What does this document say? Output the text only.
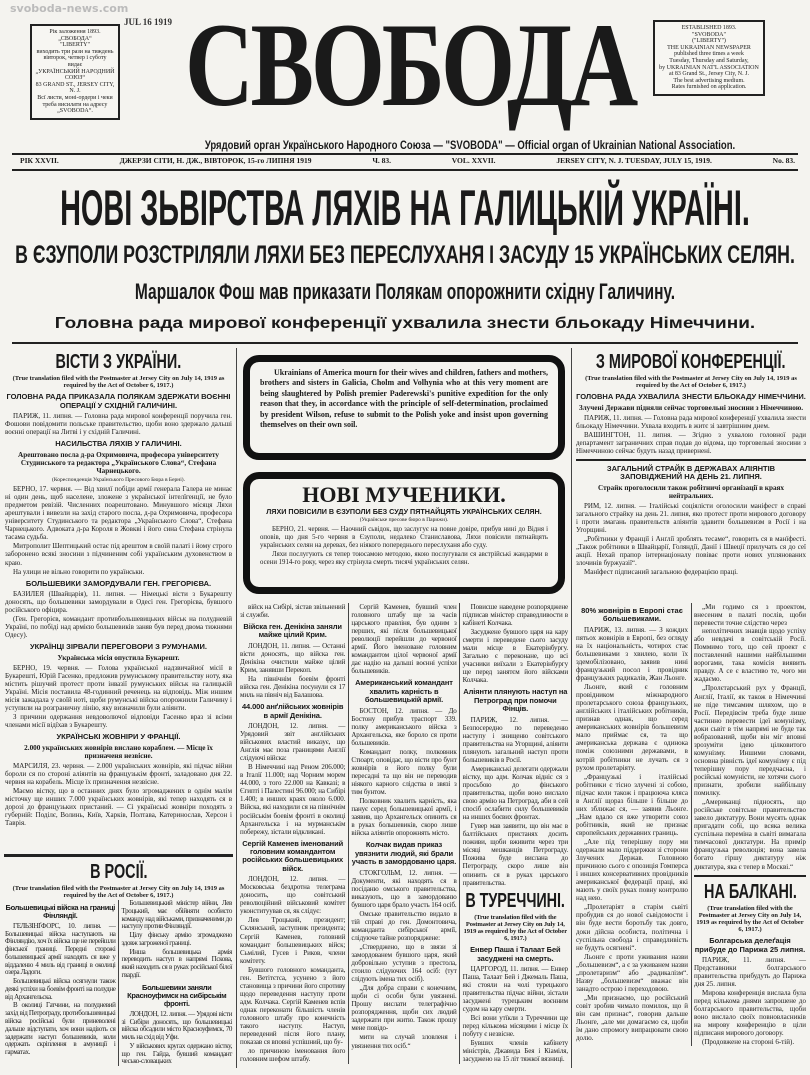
svoboda-news.com
JUL 16 1919
Рік заложення 1893.
„СВОБОДА“
"LIBERTY"
виходить три рази на тиждень
вівторок, четвер і суботу
видає
„УКРАЇНСЬКИЙ НАРОДНИЙ СОЮЗ“
83 GRAND ST., JERSEY CITY, N. J.
Всї листи, моні-ордери і чеки треба висилати на адресу „SVOBODA“.
ESTABLISHED 1893.
"SVOBODA"
("LIBERTY")
THE UKRAINIAN NEWSPAPER
published three times a week
Tuesday, Thursday and Saturday,
by UKRAINIAN NAT'L ASSOCIATION
at 83 Grand St., Jersey City, N. J.
The best advertising medium.
Rates furnished on application.
СВОБОДА
Урядовий орган Українського Народного Союза — "SVOBODA" — Official organ of Ukrainian National Association.
РІК XXVII.	ДЖЕРЗИ СІТИ, Н. ДЖ., ВІВТОРОК, 15-го ЛИПНЯ 1919	Ч. 83.	VOL. XXVII.	JERSEY CITY, N. J. TUESDAY, JULY 15, 1919.	No. 83.
НОВІ ЗЬВІРСТВА ЛЯХІВ НА ГАЛИЦЬКІЙ УКРАЇНІ.
В ЄЗУПОЛИ РОЗСТРІЛЯЛИ ЛЯХИ БЕЗ ПЕРЕСЛУХАНЯ І ЗАСУДУ 15 УКРАЇНСЬКИХ СЕЛЯН.
Маршалок Фош мав приказати Полякам опорожнити східну Галичину.
Головна рада мирової конференції ухвалила знести бльокаду Німеччини.

Ukrainians of America mourn for their wives and children, fathers and mothers, brothers and sisters in Galicia, Cholm and Volhynia who at this very moment are being slaughtered by Polish premier Paderewski's punitive expedition for the only reason that they, in accordance with the principle of self-determination, proclaimed by president Wilson, refuse to submit to the Polish yoke and insist upon governing themselves on their own soil.

НОВІ МУЧЕНИКИ.
ЛЯХИ ПОВІСИЛИ В ЄЗУПОЛИ БЕЗ СУДУ ПЯТНАЙЦЯТЬ УКРАЇНСЬКИХ СЕЛЯН.
(Українське пресове бюро в Парижи).

БЕРНО, 21. червня. — Наочний сьвідок, що заслугує на повне довіре, прибув нині до Відня і оповів, що дня 5-го червня в Єзуполи, недалеко Станиславова, Ляхи повісили пятнайцять українських селян на деревах, без ніякого попереднього переслуханя або суду.

Ляхи послугують ся тепер тоюсамою методою, якою послугували ся австрійські жандарми в осени 1914-го року, через яку стрінула смерть тисячі українських селян.

ВІСТИ З УКРАЇНИ.
(True translation filed with the Postmaster at Jersey City on July 14, 1919 as required by the Act of October 6, 1917.)
ГОЛОВНА РАДА ПРИКАЗАЛА ПОЛЯКАМ ЗДЕРЖАТИ ВОЄННІ ОПЕРАЦІЇ У СХІДНІЙ ГАЛИЧИНІ.

ПАРИЖ, 11. липня. — Головна рада мирової конференції поручила ген. Фошови повідомити польське правительство, щоби воно здержало дальші воєнні операції на Литві і у східній Галичині.

НАСИЛЬСТВА ЛЯХІВ У ГАЛИЧИНІ.
Арештовано посла д-ра Охримовича, професора університету Студинського та редактора „Українського Слова“, Стефана Чарнецького.
(Кореспонденція Українського Пресового Бюра в Берні).

БЕРНО, 17. червня. — Від хвилї побіди армії генерала Галера не минає ні один день, щоб населене, зложене з української інтелїгенції, не було предметом ревізій. Численних поарештовано. Минувшого місяця Ляхи арештували і вивезли на захід старого посла, д-ра Охримовича, професора університету Студинського та редактора „Українського Слова“, Стефана Чарнецького. Адвоката д-ра Короля в Жовкві і його сина Стефана стрінула тасама судьба.

Митрополит Шептицький остає під арештом в своїй палаті і йому строго заборонено всякі зносини з підчиненим собі українським духовенством в краю.

На улици не вільно говорити по українськи.

БОЛЬШЕВИКИ ЗАМОРДУВАЛИ ГЕН. ГРЕГОРІЄВА.

БАЗИЛЕЯ (Швайцарія), 11. липня. — Німецькі вісти з Букарешту доносять, що большевики замордували в Одесі ген. Грегорієва, бувшого російського офіцира.

(Ген. Грегорієв, командант противбольшевицьких військ на полудневій Україні, по побіді над армією большевиків заняв був перед двома тижнями Одесу).

УКРАЇНЦІ ЗІРВАЛИ ПЕРЕГОВОРИ З РУМУНАМИ.
Українська місія опустила Букарешт.

БЕРНО, 19. червня. — Голова української надзвичайної місії в Букарешті, Юрій Гасенко, предложив румунському правительству ноту, яка містить рішучий протест проти інвазії румунських військ на галицькій Україні. Місія поставила 48-годинний реченець на відповідь. Між иншим місія зажадала у своїй ноті, щоби румунські війска опорожнили Галичину і уступили на розграничну лінію, яку визначили були аліянти.

З причини одержання невдоволючої відповіди Гасенко враз зі всіми членами місії відїхав з Букарешту.

УКРАЇНСЬКІ ЖОВНІРИ У ФРАНЦІЇ.
2.000 українських жовнірів вислано кораблем. — Місце їх призначеня незвісне.

МАРСИЛЯ, 23. червня. — 2.000 українських жовнірів, які підчас війни бороли ся по стороні аліянтів на французькім фронті, заладовано дня 22. червня на корабель. Місце їх призначення незвісне.

Маємо вістку, що в останних днях було згромаджених в однім малім місточку ще инших 7.000 українських жовнірів, які тепер находять ся в дорозі до французьких пристаний. — Сі українські жовніри походять з губерній: Поділє, Волинь, Київ, Харків, Полтава, Катеринослав, Херсон і Таврія.

З МИРОВОЇ КОНФЕРЕНЦІЇ.
(True translation filed with the Postmaster at Jersey City on July 14, 1919 as required by the Act of October 6, 1917.)
ГОЛОВНА РАДА УХВАЛИЛА ЗНЕСТИ БЛЬОКАДУ НІМЕЧЧИНИ.
Злучені Держави підняли сейчас торговельні зносини з Німеччиною.

ПАРИЖ, 11. липня. — Головна рада мирової конференції ухвалила знести бльокаду Німеччини. Ухвала входить в житє зі завтрішним днем.

ВАШИНГТОН, 11. липня. — Згідно з ухвалою головної ради департамент заграничних справ подав до відома, що торговельні зносини з Німеччиною сейчас будуть назад привернені.

ЗАГАЛЬНИЙ СТРАЙК В ДЕРЖАВАХ АЛІЯНТІВ ЗАПОВІДЖЕНИЙ НА ДЕНЬ 21. ЛИПНЯ.
Страйк проголосили також робітничі організації в краях нейтральних.

РИМ, 12. липня. — Італійські соціялісти оголосили маніфест в справі загального страйку на день 21. липня, яко протест проти мирового договору і проти змагань правительств аліянтів здавити большевизм в Росії і на Угорщині.

„Робітники у Франції і Анґлії зроблять тесаме“, говорить ся в манїфесті. „Також робітники в Швайцарії, Голяндії, Данії і Швеції прилучать ся до сеї акції. Нехай прапор інтернаціоналу повіває проти нових упляновaних злочинів буржуазії“.

Манїфест підписаний загальною федерацією праці.

війск на Сибірі, зістав звільнений зі служби.

Війска ген. Денікіна заняли майже цілий Крим.

ЛОНДОН, 11. липня. — Останні вісти доносять, що війска ген. Денікіна очистили майже цілий Крим, занявши Перекоп.

На північнім боевім фронті війска ген. Денікіна посунули ся 17 миль на північ від Балашова.

44.000 анґлійських жовнірів в армії Денікіна.

ЛОНДОН, 12. липня. — Урядовий звіт анґлійських військових властий виказує, що Анґлія має поза границями Анґлії слідуючі війска:

В Німеччині над Реном 206.000; в Італії 11.000; над Чорним морем 44.000, з того 22.000 на Кавказі; в Єгипті і Палестині 96.000; на Сибірі 1.400; в инших краях около 6.000. Війска, які находили ся на північнім російськім боевім фронті в околиці Архангельска і на мурманськім побережу, зістали відкликані.

Сергій Каменев іменований головним командантом російських большевицьких війск.

ЛОНДОН, 12. липня. — Московська бездротна телеграма доносить, що совітський революційний військовий комітет уконституував ся, як слідує:

Лев Троцький, президент; Склянський, заступник президента; Сергій Каменев, головний командант большевицьких війск; Сьмілий, Гусев і Риков, члени комітету.

Бувшого головного команданта, ген. Ветітєтса, усунено з його становища з причини його спротиву щодо переведення наступу проти адм. Колчака. Сергій Каменев вспів однак переконати більшість членів головного штабу про конечність такого наступу. Наступ, переведений після його плану, показав ся вповні успішний, що бу-

ло причиною іменовання його головним шефом штабу.

Сергій Каменев, бувший член головного штабу ще за часів царського правліня, був одним з перших, які після большевицької революції перейшли до червоної армії. Його іменоване головним командантом цілої червоної армії дає надію на дальші воєнні успіхи большевиків.

Американський командант хвалить карність в большевицькій армії.

БОСТОН, 12. липня. — До Бостону прибув траспорт 339. полку американського війска з Архангельска, яке бороло ся проти большевиків.

Командант полку, полковник Стюарт, оповідає, що вісти про бунт жовнірів в його полку були пересадні та що він не переводив ніякого карного слідства в звязі з тим бунтом.

Полковник хвалить карність, яка панує серед большевицької армії, і заявив, що Архангельск опинить ся в руках большевиків, скоро лише війска аліянтів опорожнять місто.

Колчак видав приказ увязнити людий, які брали участь в замордованю царя.

СТОКГОЛЬМ, 12. липня. — Документи, які находять ся в посіданю омського правительства, виказують, що в замордованю бувшого царя брало участь 164 осіб.

Омське правительство видало в тій справі до ген. Домонтовича, команданта сибірської армії, слідуюче тайне розпоряджене:

„Стверджено, що в звязи зі замордованем бувшого царя, який добровільно уступив з престола, стоило слідуючих 164 осіб: (тут слідують імена тих осіб).

„Для добра справи є конечним, щоби сі особи були увязнені. Прошу вислати телеграфічно розпорядження, щоби сих людий задержати при житю. Також прошу мене повідо-

мити на случай зловленя і увязнення тих осіб.“

Повисше наведене розпоряджене підписав міністер справедливости в кабінеті Колчака.

Засуджене бувшого царя на кару смерти і переведене сього засуду мали місце в Екатерінбургу. Загально є переконане, що всі учасники виїхали з Екатерінбургу ще перед занятєм його війсками Колчака.

Аліянти плянують наступ на Петроград при помочи Фінців.

ПАРИЖ, 12. липня. — Безпосередно по переведеню наступу і знищеню совітського правительства на Угорщині, аліянти плянують загальний наступ проти большевиків в Росії.

Американські делегати одержали вістку, що адм. Колчак відніс ся з просьбою до фінського правительства, щоби воно вислало свою армію на Петроград, аби в сей спосіб ослабити силу большевиків на инших боєвих фронтах.

Гувер мав заявити, що він має в балтійських пристанях досить поживи, щоби вживити через три місяці мешканців Петрограду. Пожива буде вислана до Петрограду, скоро лише він опинить ся в руках царського правительства.

В ТУРЕЧЧИНІ.
(True translation filed with the Postmaster at Jersey City on July 14, 1919 as required by the Act of October 6, 1917.)
Енвер Паша і Талаат Бей засуджені на смерть.

ЦАРГОРОД, 11. липня. — Енвер Паша, Талаат Бей і Джемаль Паша, які стояли на чолі турецького правительства підчас війни, зістали засуджені турецьким воєнним судом на кару смерти.

Всі вони утїкли з Туреччини ще перед кількома місяцями і місце їх побуту є незвісне.

Бувших членів кабінету міністрів, Джавида Бея і Кіаміля, засуджено на 15 літ тяжкої вязниці.

80% жовнірів в Европі стає большевиками.

ПАРИЖ, 13. липня. — З кождих пятьох жовнірів в Европі, без огляду на їх національність, чотирох стає большевиками з хвилею, коли їх здемобілізовано, заявив нині французький посол і провідник французьких радикалів, Жан Льонґе.

Льонґе, який є головним провідником міжнародного пролетарського союза французьких, анґлійських і італійських робітників, признав однак, що серед американських жовнірів большевизм мало приймає ся, та що американська держава є одинока поміж союзними державами, в котрій робітники не лучать ся з рухом пролетаріяту.

„Французькі і італійські робітники є тісно злучені зі собою, підчас коли також і працююча кляса в Анґлії щораз більше і більше до них зближає ся, — заявив Льонґе. „Нам вдало ся вже утворити союз робітників, який не признає європейських державних границь.

„Але під теперішну пору ми одержали мало піддержки зі сторони Злучених Держав. Головною причиною сього є опозиція Гомперса і инших консервативних провідників американської федерації праці, які мають у своїх руках повну контролю над нею.

„Пролетаріят в старім сьвіті пробудив ся до нової сьвідомости і він буде вести боротьбу так довго, доки дійсна особиста, політична і суспільна свобода і справедливість не будуть осягнені“.

Льонґе є проти уживания назви „большевизм“, а є за уживанем назви „пролетаризм“ або „радикалізм“. Назву „большевизм“ вважає він занадто острою і переходовою.

„Ми признаємо, що російський совіт зробив чимало помилок, що й він сам признає“, говорив дальше Льонґе, „але ми домагаємо ся, щоби їм дано спромогу випрацювати свою долю.

„Ми годимо ся з проектом, внесеним в палаті послів, щоби перевести точне слідство через

неполітичних знавців щодо успіху або невдачі в совітській Росії. Поммимо того, що сей проект є поставлений нашими найбільшими ворогами, така комісія виявить правду. А се є властиво те, чого ми жадаємо.

„Пролєтарський рух у Франції, Анґлії, Італії, як також в Німеччині не піде тимсамим шляхом, що в Росії. Передівсім треба буде лише частинно перевести ідеї комунізму, доки сьвіт в тім напрямі не буде так вобразований, щоби він міг вповні зрозуміти ідею цілковитого комунізму. Иншими словами, основна рівність ідеї комунізму є під теперішну пору передчасна, і російські комуністи, не хотячи сього признати, зробили найбільшу помилку.

„Американці підносять, що російське совітське правительство завело диктатуру. Вони мусять однак пригадати собі, що всяка велика суспільна переміна в сьвіті вимагала тимчасової диктатури. На примір французька революція; вона завела богато гіршу диктатуру ніж диктатура, яка є тепер в Москві.“

НА БАЛКАНІ.
(True translation filed with the Postmaster at Jersey City on July 14, 1919 as required by the Act of October 6, 1917.)
Болгарська делеґація прибуде до Парижа 25 липня.

ПАРИЖ, 11. липня. — Представники болгарського правительства прибудуть до Парижа дня 25. липня.

Мирова конференція вислала була перед кількома днями запрошене до болгарського правительства, щоби воно вислало своїх повновласників на мирову конференцію в ціли підписаня мирового договору.

(Продовжене на стороні 6-тій).

В РОСІЇ.
(True translation filed with the Postmaster at Jersey City on July 14, 1919 as required by the Act of October 6, 1917.)
Большевицькі війска на границі Фінляндії.

ГЕЛЬЗІНҐФОРС, 10. липня. — Большевицькі війска наступають на Фінляндію, хоч їх війска ще не перейшли фінської границі. Передні сторожі большевицької армії находять ся вже у віддаленю 4 миль від границі в околиці озера Ладоги.

Большевицькі війска осягнули також деякі успіхи на боевім фронті на полудне від Архангельска.

В околиці Гатчини, на полудневий захід від Петрограду, протибольшевицькі війска російські були приневолені дальше відступати, хоч вони надіють ся задержати наступ большевиків, коли одержать скріплення в амуниції і гарматах.

Большевицький міністер війни, Лев Троцький, має обійняти особисто команду над військами, призначеними до наступу против Фінляндії.

Цілу фінську армію згромаджено здовж загроженої границі.

Инша большевицька армія переводить наступ в напрямі Пскова, який находить ся в руках російської білої гвардії.

Большевики заняли Красноуфимск на сибірськім фронті.

ЛОНДОН, 12. липня. — Урядові вісти зі Сибіри доносять, що большевицькі війска обсадили місто Красноуфимск, 70 миль на схід від Уфи.

У військових кругах одержано вістку, що ген. Гайда, бувший командант чесько-словацьких
